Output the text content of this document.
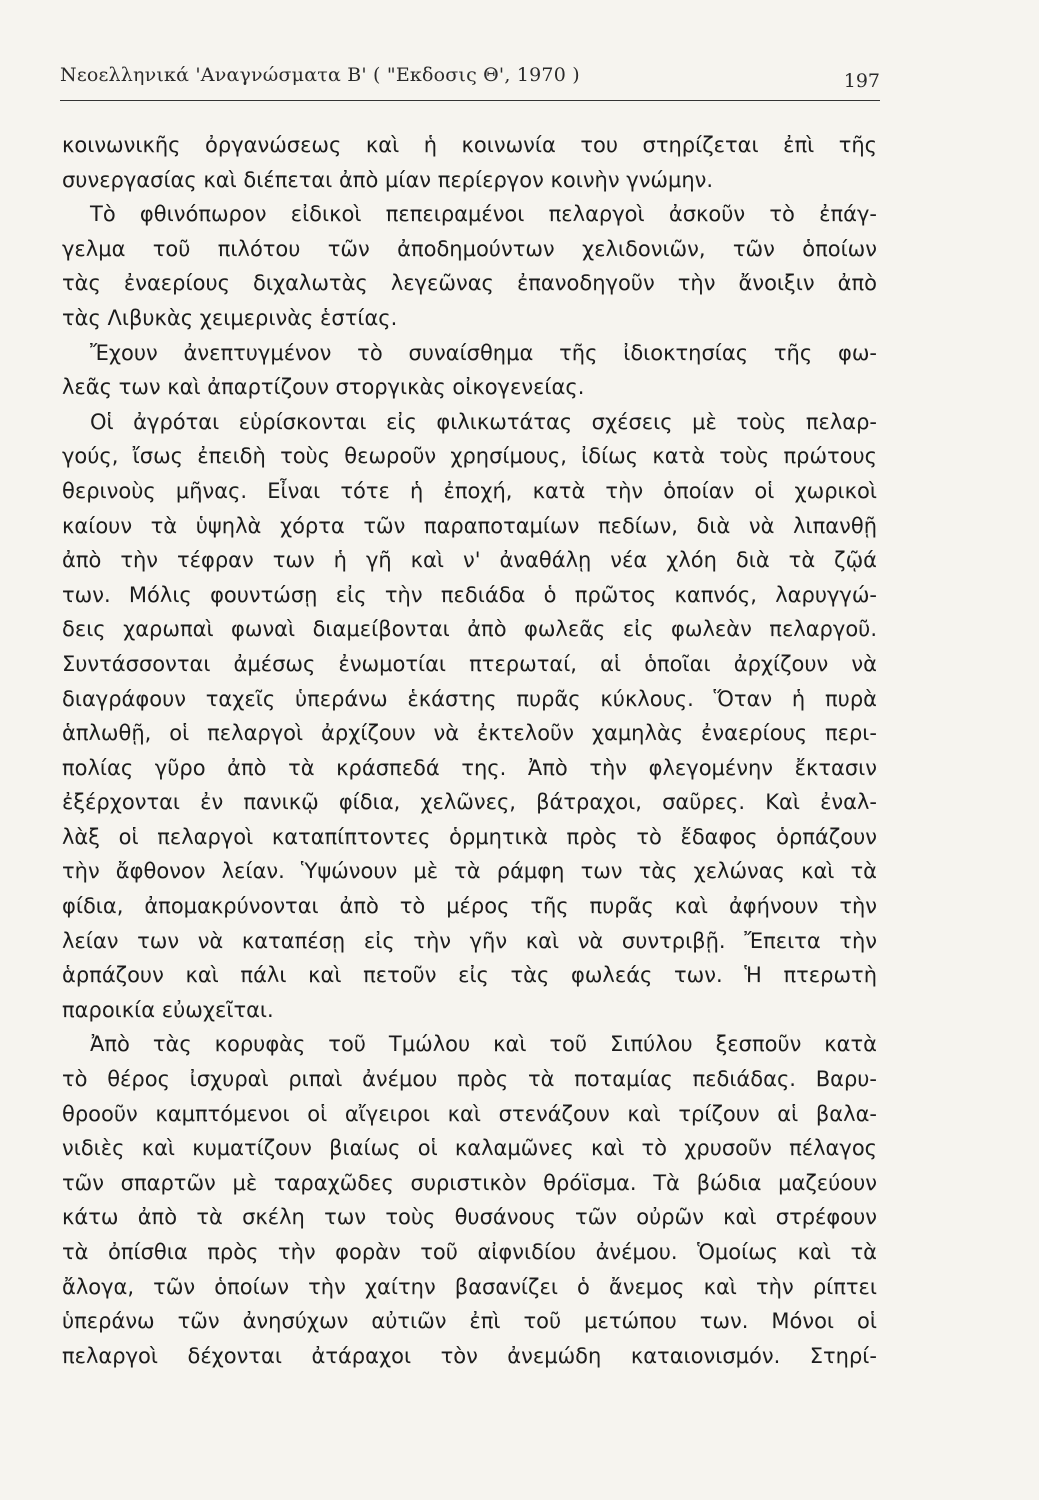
Νεοελληνικά 'Αναγνώσματα Β' ( "Εκδοσις Θ', 1970 )	197
κοινωνικῆς ὀργανώσεως καὶ ἡ κοινωνία του στηρίζεται ἐπὶ τῆς
συνεργασίας καὶ διέπεται ἀπὸ μίαν περίεργον κοινὴν γνώμην.
Τὸ φθινόπωρον εἰδικοὶ πεπειραμένοι πελαργοὶ ἀσκοῦν τὸ ἐπάγ-
γελμα τοῦ πιλότου τῶν ἀποδημούντων χελιδονιῶν, τῶν ὁποίων
τὰς ἐναερίους διχαλωτὰς λεγεῶνας ἐπανοδηγοῦν τὴν ἄνοιξιν ἀπὸ
τὰς Λιβυκὰς χειμερινὰς ἑστίας.
Ἔχουν ἀνεπτυγμένον τὸ συναίσθημα τῆς ἰδιοκτησίας τῆς φω-
λεᾶς των καὶ ἀπαρτίζουν στοργικὰς οἰκογενείας.
Οἱ ἀγρόται εὑρίσκονται εἰς φιλικωτάτας σχέσεις μὲ τοὺς πελαρ-
γούς, ἴσως ἐπειδὴ τοὺς θεωροῦν χρησίμους, ἰδίως κατὰ τοὺς πρώτους
θερινοὺς μῆνας. Εἶναι τότε ἡ ἐποχή, κατὰ τὴν ὁποίαν οἱ χωρικοὶ
καίουν τὰ ὑψηλὰ χόρτα τῶν παραποταμίων πεδίων, διὰ νὰ λιπανθῇ
ἀπὸ τὴν τέφραν των ἡ γῆ καὶ ν' ἀναθάλῃ νέα χλόη διὰ τὰ ζῷά
των. Μόλις φουντώσῃ εἰς τὴν πεδιάδα ὁ πρῶτος καπνός, λαρυγγώ-
δεις χαρωπαὶ φωναὶ διαμείβονται ἀπὸ φωλεᾶς εἰς φωλεὰν πελαργοῦ.
Συντάσσονται ἀμέσως ἐνωμοτίαι πτερωταί, αἱ ὁποῖαι ἀρχίζουν νὰ
διαγράφουν ταχεῖς ὑπεράνω ἑκάστης πυρᾶς κύκλους. Ὅταν ἡ πυρὰ
ἁπλωθῇ, οἱ πελαργοὶ ἀρχίζουν νὰ ἐκτελοῦν χαμηλὰς ἐναερίους περι-
πολίας γῦρο ἀπὸ τὰ κράσπεδά της. Ἀπὸ τὴν φλεγομένην ἔκτασιν
ἐξέρχονται ἐν πανικῷ φίδια, χελῶνες, βάτραχοι, σαῦρες. Καὶ ἐναλ-
λὰξ οἱ πελαργοὶ καταπίπτοντες ὁρμητικὰ πρὸς τὸ ἔδαφος ὁρπάζουν
τὴν ἄφθονον λείαν. Ὑψώνουν μὲ τὰ ράμφη των τὰς χελώνας καὶ τὰ
φίδια, ἀπομακρύνονται ἀπὸ τὸ μέρος τῆς πυρᾶς καὶ ἀφήνουν τὴν
λείαν των νὰ καταπέσῃ εἰς τὴν γῆν καὶ νὰ συντριβῇ. Ἔπειτα τὴν
ἁρπάζουν καὶ πάλι καὶ πετοῦν εἰς τὰς φωλεάς των. Ἡ πτερωτὴ
παροικία εὐωχεῖται.
Ἀπὸ τὰς κορυφὰς τοῦ Τμώλου καὶ τοῦ Σιπύλου ξεσποῦν κατὰ
τὸ θέρος ἰσχυραὶ ριπαὶ ἀνέμου πρὸς τὰ ποταμίας πεδιάδας. Βαρυ-
θροοῦν καμπτόμενοι οἱ αἴγειροι καὶ στενάζουν καὶ τρίζουν αἱ βαλα-
νιδιὲς καὶ κυματίζουν βιαίως οἱ καλαμῶνες καὶ τὸ χρυσοῦν πέλαγος
τῶν σπαρτῶν μὲ ταραχῶδες συριστικὸν θρόϊσμα. Τὰ βώδια μαζεύουν
κάτω ἀπὸ τὰ σκέλη των τοὺς θυσάνους τῶν οὐρῶν καὶ στρέφουν
τὰ ὀπίσθια πρὸς τὴν φορὰν τοῦ αἰφνιδίου ἀνέμου. Ὁμοίως καὶ τὰ
ἄλογα, τῶν ὁποίων τὴν χαίτην βασανίζει ὁ ἄνεμος καὶ τὴν ρίπτει
ὑπεράνω τῶν ἀνησύχων αὐτιῶν ἐπὶ τοῦ μετώπου των. Μόνοι οἱ
πελαργοὶ δέχονται ἀτάραχοι τὸν ἀνεμώδη καταιονισμόν. Στηρί-
